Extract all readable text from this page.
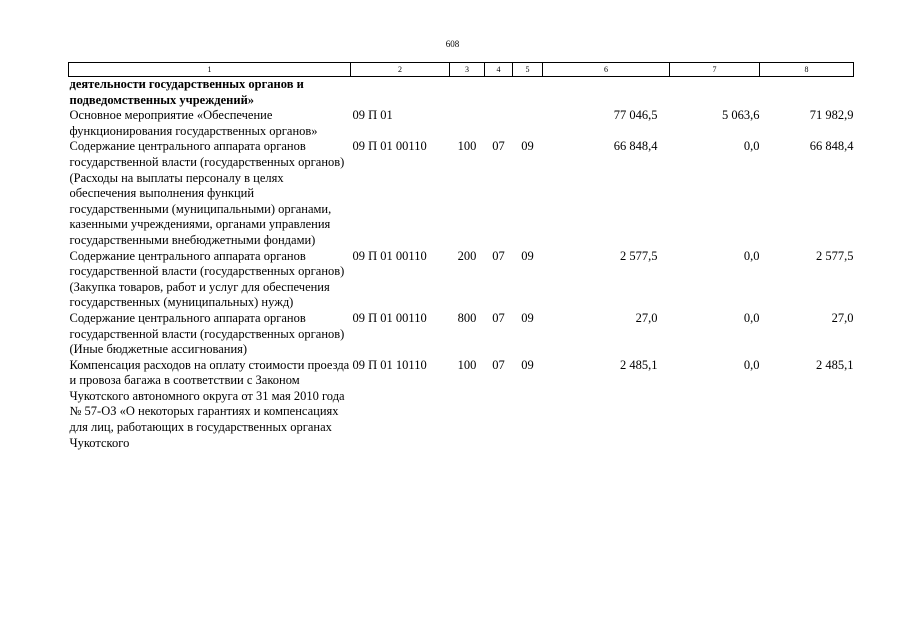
608
1	2	3	4	5	6	7	8
деятельности государственных органов и подведомственных учреждений»							
Основное мероприятие «Обеспечение функционирования государственных органов»	09 П 01				77 046,5	5 063,6	71 982,9
Содержание центрального аппарата органов государственной власти (государственных органов) (Расходы на выплаты персоналу в целях обеспечения выполнения функций государственными (муниципальными) органами, казенными учреждениями, органами управления государственными внебюджетными фондами)	09 П 01 00110	100	07	09	66 848,4	0,0	66 848,4
Содержание центрального аппарата органов государственной власти (государственных органов) (Закупка товаров, работ и услуг для обеспечения государственных (муниципальных) нужд)	09 П 01 00110	200	07	09	2 577,5	0,0	2 577,5
Содержание центрального аппарата органов государственной власти (государственных органов) (Иные бюджетные ассигнования)	09 П 01 00110	800	07	09	27,0	0,0	27,0
Компенсация расходов на оплату стоимости проезда и провоза багажа в соответствии с Законом Чукотского автономного округа от 31 мая 2010 года № 57-ОЗ «О некоторых гарантиях и компенсациях для лиц, работающих в государственных органах Чукотского	09 П 01 10110	100	07	09	2 485,1	0,0	2 485,1
